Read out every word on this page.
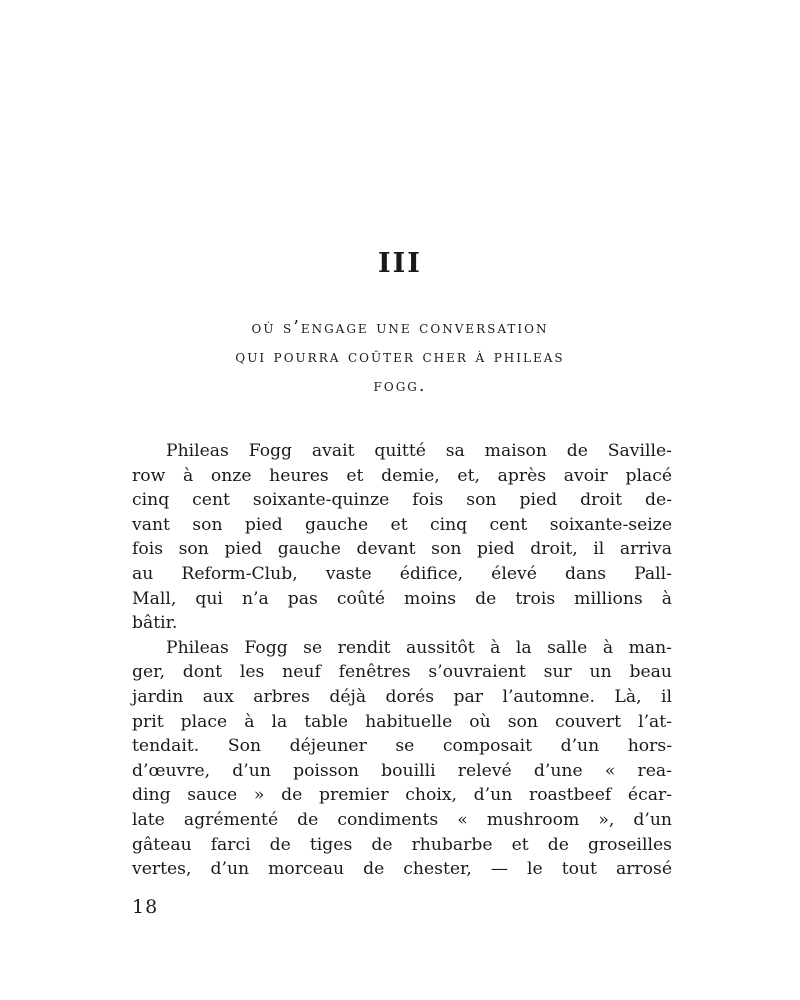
III
où s’engage une conversation
qui pourra coûter cher à phileas
fogg.
Phileas Fogg avait quitté sa maison de Saville-
row à onze heures et demie, et, après avoir placé
cinq cent soixante-quinze fois son pied droit de-
vant son pied gauche et cinq cent soixante-seize
fois son pied gauche devant son pied droit, il arriva
au Reform-Club, vaste édifice, élevé dans Pall-
Mall, qui n’a pas coûté moins de trois millions à
bâtir.
Phileas Fogg se rendit aussitôt à la salle à man-
ger, dont les neuf fenêtres s’ouvraient sur un beau
jardin aux arbres déjà dorés par l’automne. Là, il
prit place à la table habituelle où son couvert l’at-
tendait. Son déjeuner se composait d’un hors-
d’œuvre, d’un poisson bouilli relevé d’une « rea-
ding sauce » de premier choix, d’un roastbeef écar-
late agrémenté de condiments « mushroom », d’un
gâteau farci de tiges de rhubarbe et de groseilles
vertes, d’un morceau de chester, — le tout arrosé
18
